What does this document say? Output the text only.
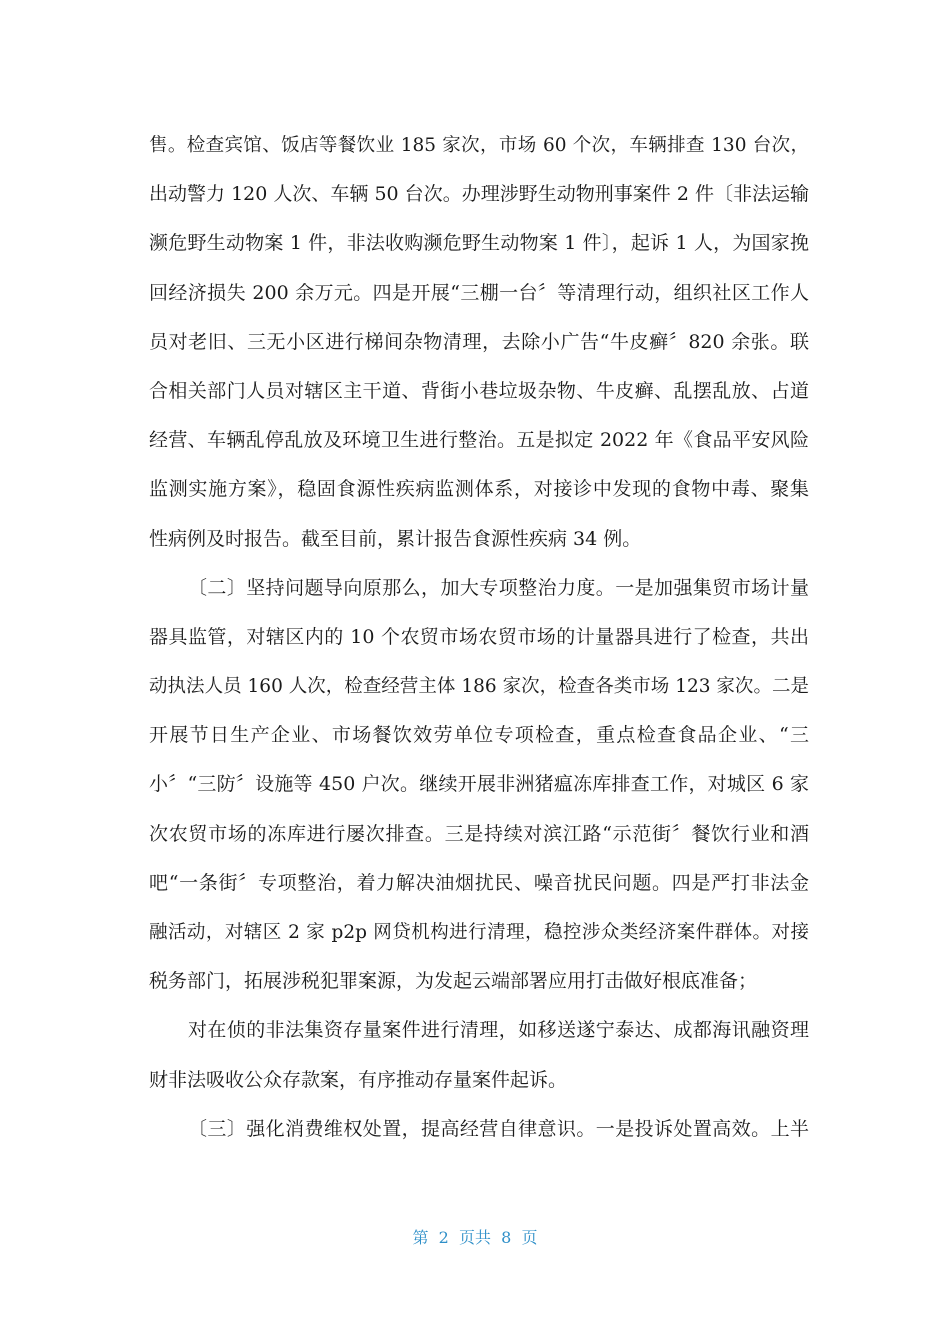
售。检查宾馆、饭店等餐饮业 185 家次，市场 60 个次，车辆排查 130 台次，
出动警力 120 人次、车辆 50 台次。办理涉野生动物刑事案件 2 件〔非法运输
濒危野生动物案 1 件，非法收购濒危野生动物案 1 件〕，起诉 1 人，为国家挽
回经济损失 200 余万元。四是开展“三棚一台〞等清理行动，组织社区工作人
员对老旧、三无小区进行梯间杂物清理，去除小广告“牛皮癣〞820 余张。联
合相关部门人员对辖区主干道、背街小巷垃圾杂物、牛皮癣、乱摆乱放、占道
经营、车辆乱停乱放及环境卫生进行整治。五是拟定 2022 年《食品平安风险
监测实施方案》，稳固食源性疾病监测体系，对接诊中发现的食物中毒、聚集
性病例及时报告。截至目前，累计报告食源性疾病 34 例。
〔二〕坚持问题导向原那么，加大专项整治力度。一是加强集贸市场计量
器具监管，对辖区内的 10 个农贸市场农贸市场的计量器具进行了检查，共出
动执法人员 160 人次，检查经营主体 186 家次，检查各类市场 123 家次。二是
开展节日生产企业、市场餐饮效劳单位专项检查，重点检查食品企业、“三
小〞“三防〞设施等 450 户次。继续开展非洲猪瘟冻库排查工作，对城区 6 家
次农贸市场的冻库进行屡次排查。三是持续对滨江路“示范街〞餐饮行业和酒
吧“一条街〞专项整治，着力解决油烟扰民、噪音扰民问题。四是严打非法金
融活动，对辖区 2 家 p2p 网贷机构进行清理，稳控涉众类经济案件群体。对接
税务部门，拓展涉税犯罪案源，为发起云端部署应用打击做好根底准备；
对在侦的非法集资存量案件进行清理，如移送遂宁泰达、成都海讯融资理
财非法吸收公众存款案，有序推动存量案件起诉。
〔三〕强化消费维权处置，提高经营自律意识。一是投诉处置高效。上半
第  2  页共  8  页
